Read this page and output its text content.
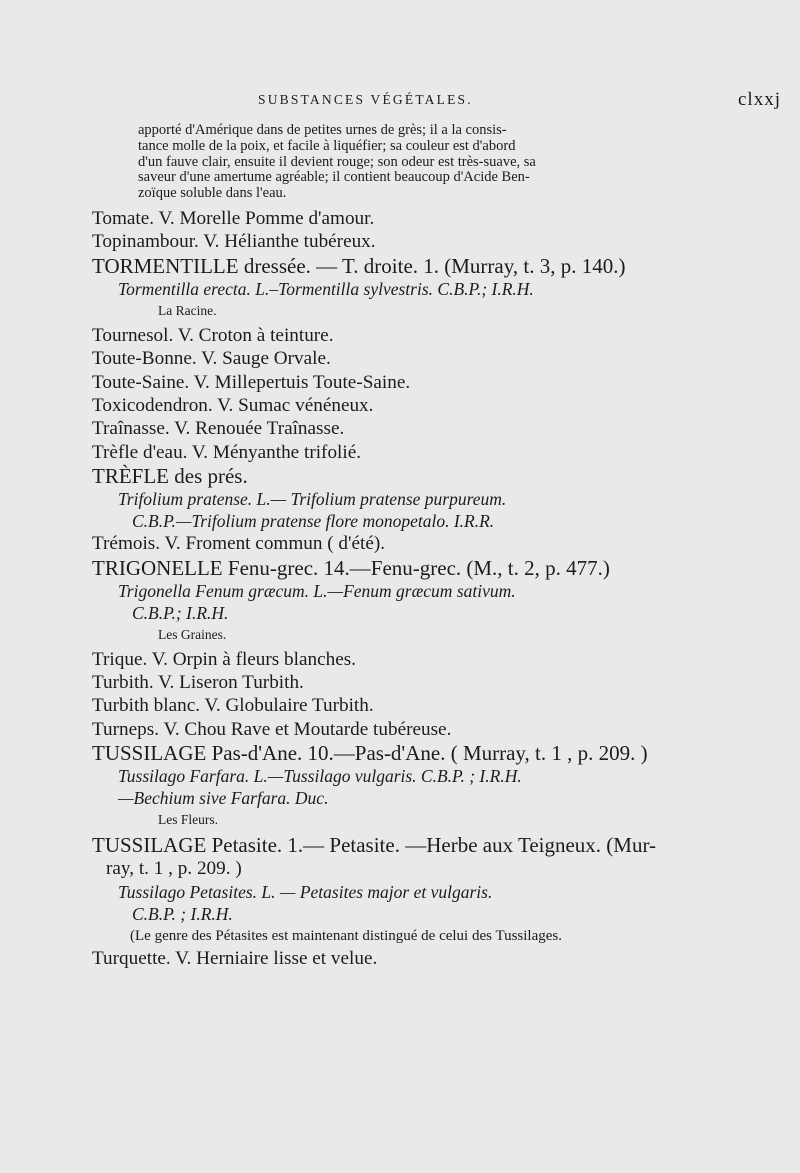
SUBSTANCES VÉGÉTALES.	clxxj
apporté d'Amérique dans de petites urnes de grès; il a la consis-
tance molle de la poix, et facile à liquéfier; sa couleur est d'abord
d'un fauve clair, ensuite il devient rouge; son odeur est très-suave, sa
saveur d'une amertume agréable; il contient beaucoup d'Acide Ben-
zoïque soluble dans l'eau.
Tomate. V. Morelle Pomme d'amour.
Topinambour. V. Hélianthe tubéreux.
TORMENTILLE dressée. — T. droite. 1. (Murray, t. 3, p. 140.)
Tormentilla erecta. L.–Tormentilla sylvestris. C.B.P.; I.R.H.
La Racine.
Tournesol. V. Croton à teinture.
Toute-Bonne. V. Sauge Orvale.
Toute-Saine. V. Millepertuis Toute-Saine.
Toxicodendron. V. Sumac vénéneux.
Traînasse. V. Renouée Traînasse.
Trèfle d'eau. V. Ményanthe trifolié.
TRÈFLE des prés.
Trifolium pratense. L.— Trifolium pratense purpureum.
C.B.P.—Trifolium pratense flore monopetalo. I.R.R.
Trémois. V. Froment commun ( d'été).
TRIGONELLE Fenu-grec. 14.—Fenu-grec. (M., t. 2, p. 477.)
Trigonella Fenum græcum. L.—Fenum græcum sativum.
C.B.P.; I.R.H.
Les Graines.
Trique. V. Orpin à fleurs blanches.
Turbith. V. Liseron Turbith.
Turbith blanc. V. Globulaire Turbith.
Turneps. V. Chou Rave et Moutarde tubéreuse.
TUSSILAGE Pas-d'Ane. 10.—Pas-d'Ane. ( Murray, t. 1 , p. 209. )
Tussilago Farfara. L.—Tussilago vulgaris. C.B.P. ; I.R.H.
—Bechium sive Farfara. Duc.
Les Fleurs.
TUSSILAGE Petasite. 1.— Petasite. —Herbe aux Teigneux. (Mur-
ray, t. 1 , p. 209. )
Tussilago Petasites. L. — Petasites major et vulgaris.
C.B.P. ; I.R.H.
(Le genre des Pétasites est maintenant distingué de celui des Tussilages.
Turquette. V. Herniaire lisse et velue.
